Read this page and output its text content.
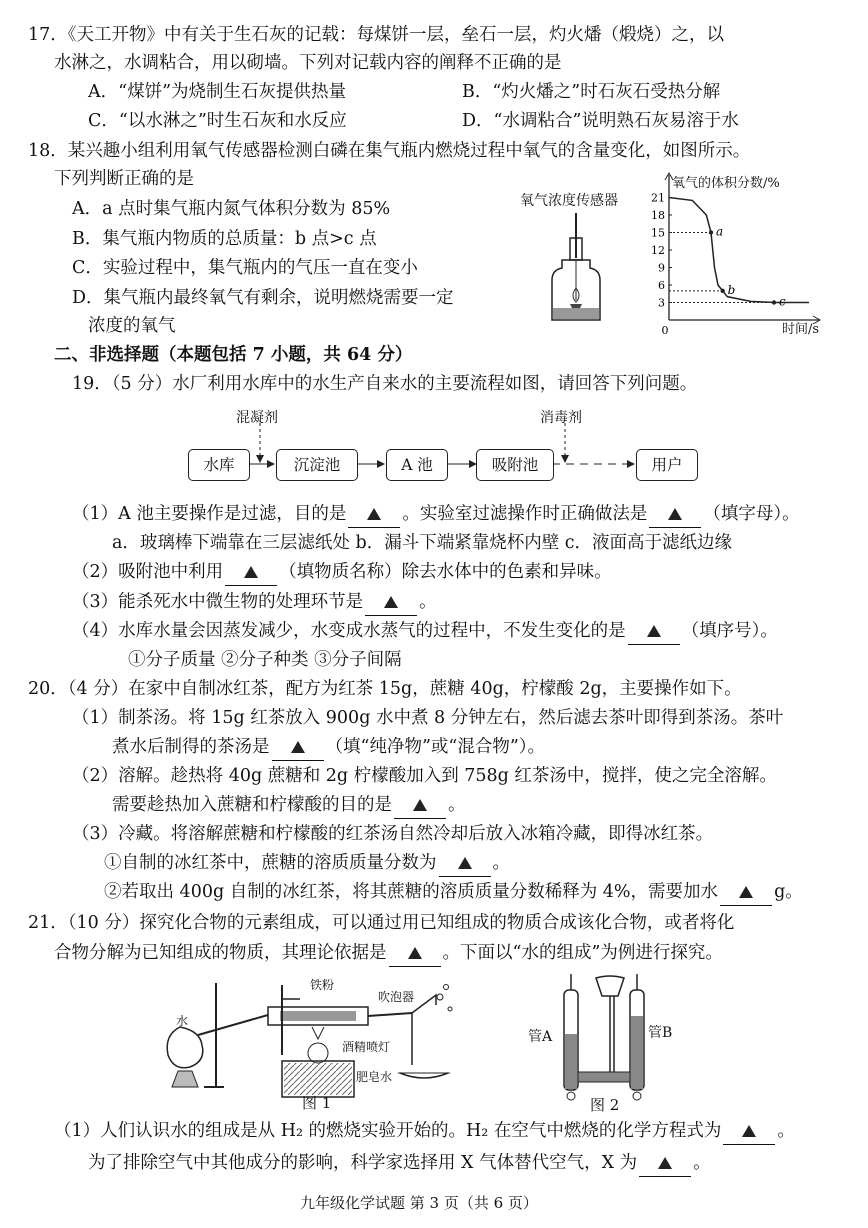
17．《天工开物》中有关于生石灰的记载：每煤饼一层，垒石一层，灼火燔（煅烧）之，以
水淋之，水调粘合，用以砌墙。下列对记载内容的阐释不正确的是
A．“煤饼”为烧制生石灰提供热量	B．“灼火燔之”时石灰石受热分解
C．“以水淋之”时生石灰和水反应	D．“水调粘合”说明熟石灰易溶于水
18．某兴趣小组利用氧气传感器检测白磷在集气瓶内燃烧过程中氧气的含量变化，如图所示。
下列判断正确的是
A．a 点时集气瓶内氮气体积分数为 85%
B．集气瓶内物质的总质量：b 点>c 点
C．实验过程中，集气瓶内的气压一直在变小
D．集气瓶内最终氧气有剩余，说明燃烧需要一定
浓度的氧气
氧气浓度传感器	21
18
15
12
9
6
3
0
a
b
c
氧气的体积分数/%
时间/s
二、非选择题（本题包括 7 小题，共 64 分）
19．（5 分）水厂利用水库中的水生产自来水的主要流程如图，请回答下列问题。
混凝剂	消毒剂
水库	沉淀池	A 池	吸附池	用户
（1）A 池主要操作是过滤，目的是	。实验室过滤操作时正确做法是	（填字母）。
a．玻璃棒下端靠在三层滤纸处 b．漏斗下端紧靠烧杯内壁 c．液面高于滤纸边缘
（2）吸附池中利用	（填物质名称）除去水体中的色素和异味。
（3）能杀死水中微生物的处理环节是	。
（4）水库水量会因蒸发减少，水变成水蒸气的过程中，不发生变化的是	（填序号）。
①分子质量 ②分子种类 ③分子间隔
20．（4 分）在家中自制冰红茶，配方为红茶 15g，蔗糖 40g，柠檬酸 2g，主要操作如下。
（1）制茶汤。将 15g 红茶放入 900g 水中煮 8 分钟左右，然后滤去茶叶即得到茶汤。茶叶
煮水后制得的茶汤是	（填“纯净物”或“混合物”）。
（2）溶解。趁热将 40g 蔗糖和 2g 柠檬酸加入到 758g 红茶汤中，搅拌，使之完全溶解。
需要趁热加入蔗糖和柠檬酸的目的是	。
（3）冷藏。将溶解蔗糖和柠檬酸的红茶汤自然冷却后放入冰箱冷藏，即得冰红茶。
①自制的冰红茶中，蔗糖的溶质质量分数为	。
②若取出 400g 自制的冰红茶，将其蔗糖的溶质质量分数稀释为 4%，需要加水	g。
21．（10 分）探究化合物的元素组成，可以通过用已知组成的物质合成该化合物，或者将化
合物分解为已知组成的物质，其理论依据是	。下面以“水的组成”为例进行探究。
水
铁粉
吹泡器
酒精喷灯
肥皂水
图 1
管A	管B
图 2
（1）人们认识水的组成是从 H₂ 的燃烧实验开始的。H₂ 在空气中燃烧的化学方程式为	。
为了排除空气中其他成分的影响，科学家选择用 X 气体替代空气，X 为	。
九年级化学试题 第 3 页（共 6 页）
